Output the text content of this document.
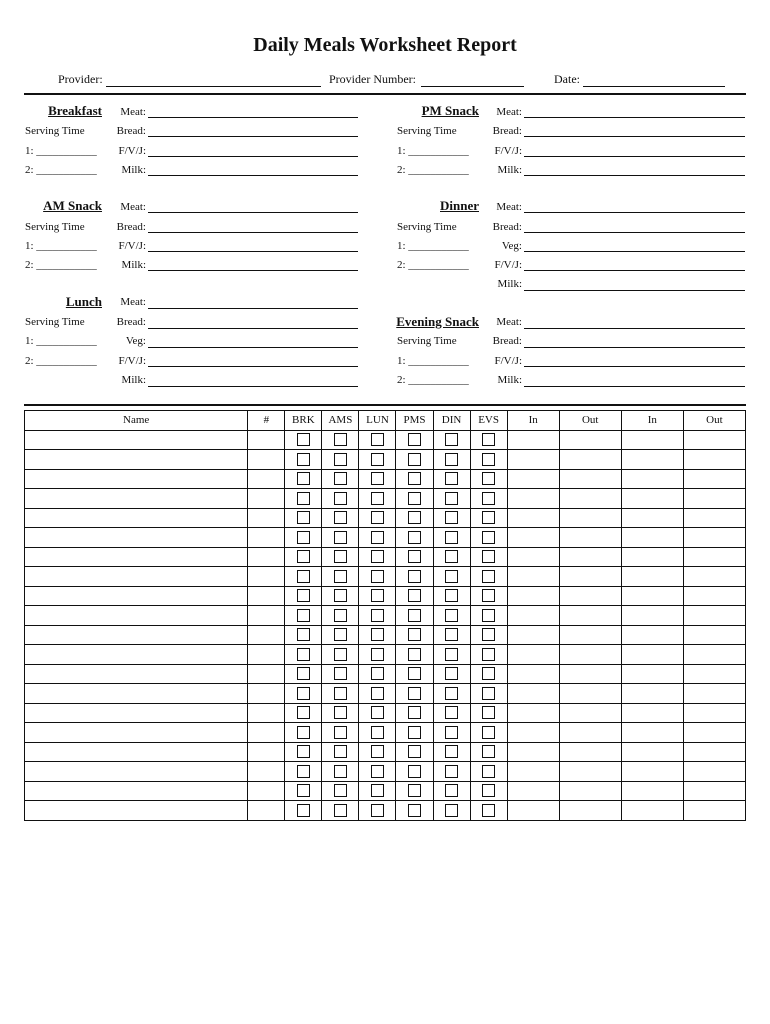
Daily Meals Worksheet Report
Provider:	Provider Number:	Date:
Breakfast
Serving Time
1: ___________
2: ___________
Meat:
Bread:
F/V/J:
Milk:
AM Snack
Serving Time
1: ___________
2: ___________
Meat:
Bread:
F/V/J:
Milk:
Lunch
Serving Time
1: ___________
2: ___________
Meat:
Bread:
Veg:
F/V/J:
Milk:
PM Snack
Serving Time
1: ___________
2: ___________
Meat:
Bread:
F/V/J:
Milk:
Dinner
Serving Time
1: ___________
2: ___________
Meat:
Bread:
Veg:
F/V/J:
Milk:
Evening Snack
Serving Time
1: ___________
2: ___________
Meat:
Bread:
F/V/J:
Milk:
Name	#	BRK	AMS	LUN	PMS	DIN	EVS	In	Out	In	Out
